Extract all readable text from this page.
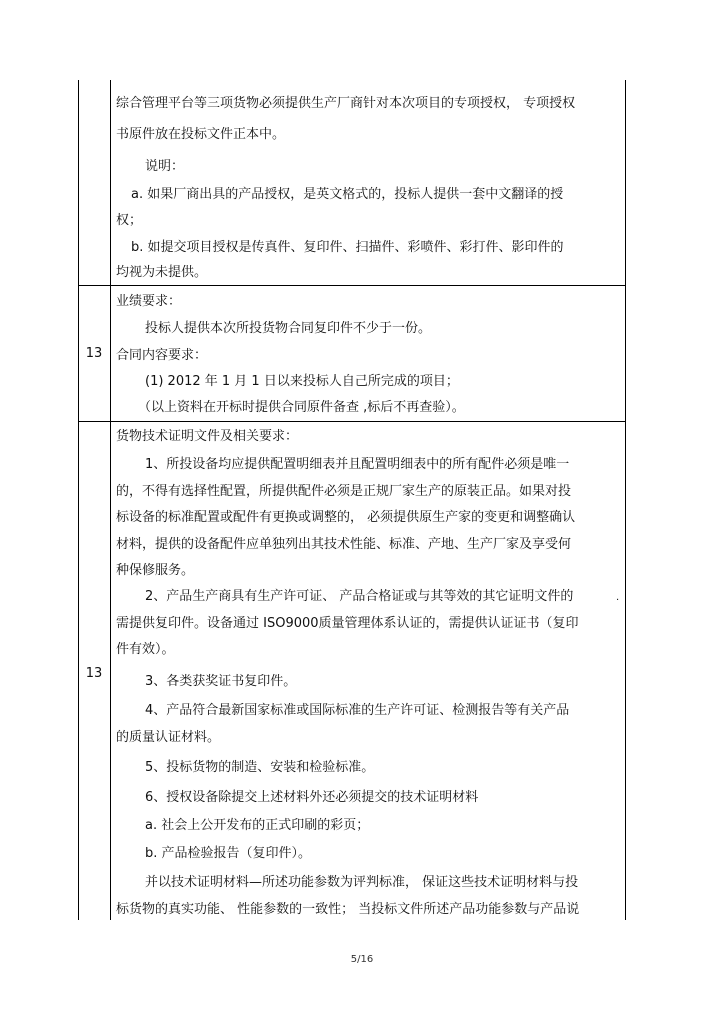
综合管理平台等三项货物必须提供生产厂商针对本次项目的专项授权， 专项授权
书原件放在投标文件正本中。
说明：
a. 如果厂商出具的产品授权，是英文格式的，投标人提供一套中文翻译的授
权；
b. 如提交项目授权是传真件、复印件、扫描件、彩喷件、彩打件、影印件的
均视为未提供。
13
业绩要求：
投标人提供本次所投货物合同复印件不少于一份。
合同内容要求：
(1) 2012 年 1 月 1 日以来投标人自己所完成的项目；
（以上资料在开标时提供合同原件备查 ,标后不再查验）。
13
货物技术证明文件及相关要求：
1、所投设备均应提供配置明细表并且配置明细表中的所有配件必须是唯一
的，不得有选择性配置，所提供配件必须是正规厂家生产的原装正品。如果对投
标设备的标准配置或配件有更换或调整的， 必须提供原生产家的变更和调整确认
材料，提供的设备配件应单独列出其技术性能、标准、产地、生产厂家及享受何
种保修服务。
2、产品生产商具有生产许可证、 产品合格证或与其等效的其它证明文件的	.
需提供复印件。设备通过 ISO9000质量管理体系认证的，需提供认证证书（复印
件有效）。
3、各类获奖证书复印件。
4、产品符合最新国家标准或国际标准的生产许可证、检测报告等有关产品
的质量认证材料。
5、投标货物的制造、安装和检验标准。
6、授权设备除提交上述材料外还必须提交的技术证明材料
a. 社会上公开发布的正式印刷的彩页；
b. 产品检验报告（复印件）。
并以技术证明材料—所述功能参数为评判标准， 保证这些技术证明材料与投
标货物的真实功能、 性能参数的一致性； 当投标文件所述产品功能参数与产品说
5/16
